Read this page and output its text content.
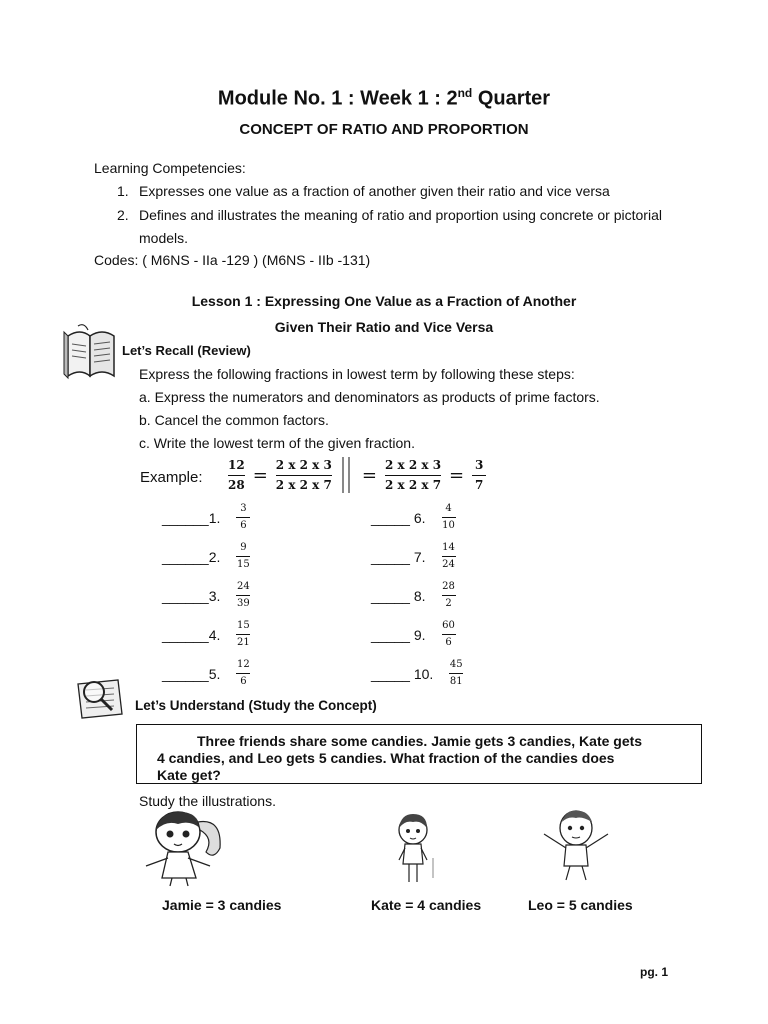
Module No. 1 : Week 1 : 2nd Quarter
CONCEPT OF RATIO AND PROPORTION
Learning Competencies:
1. Expresses one value as a fraction of another given their ratio and vice versa
2. Defines and illustrates the meaning of ratio and proportion using concrete or pictorial
models.
Codes: ( M6NS - IIa -129 ) (M6NS - IIb -131)
Lesson 1 : Expressing One Value as a Fraction of Another
Given Their Ratio and Vice Versa
Let’s Recall (Review)
Express the following fractions in lowest term by following these steps:
a. Express the numerators and denominators as products of prime factors.
b. Cancel the common factors.
c. Write the lowest term of the given fraction.
Example: $\frac{12}{28} = \frac{2 x 2 x 3}{2 x 2 x 7} = \frac{2 x 2 x 3}{2 x 2 x 7} = \frac{3}{7}$
______1. $\frac{3}{6}$
______2. $\frac{9}{15}$
______3. $\frac{24}{39}$
______4. $\frac{15}{21}$
______5. $\frac{12}{6}$
_____ 6. $\frac{4}{10}$
_____ 7. $\frac{14}{24}$
_____ 8. $\frac{28}{2}$
_____ 9. $\frac{60}{6}$
_____ 10. $\frac{45}{81}$
Let’s Understand (Study the Concept)
Three friends share some candies. Jamie gets 3 candies, Kate gets
4 candies, and Leo gets 5 candies. What fraction of the candies does
Kate get?
Study the illustrations.
Jamie = 3 candies	Kate = 4 candies	Leo = 5 candies
pg. 1
